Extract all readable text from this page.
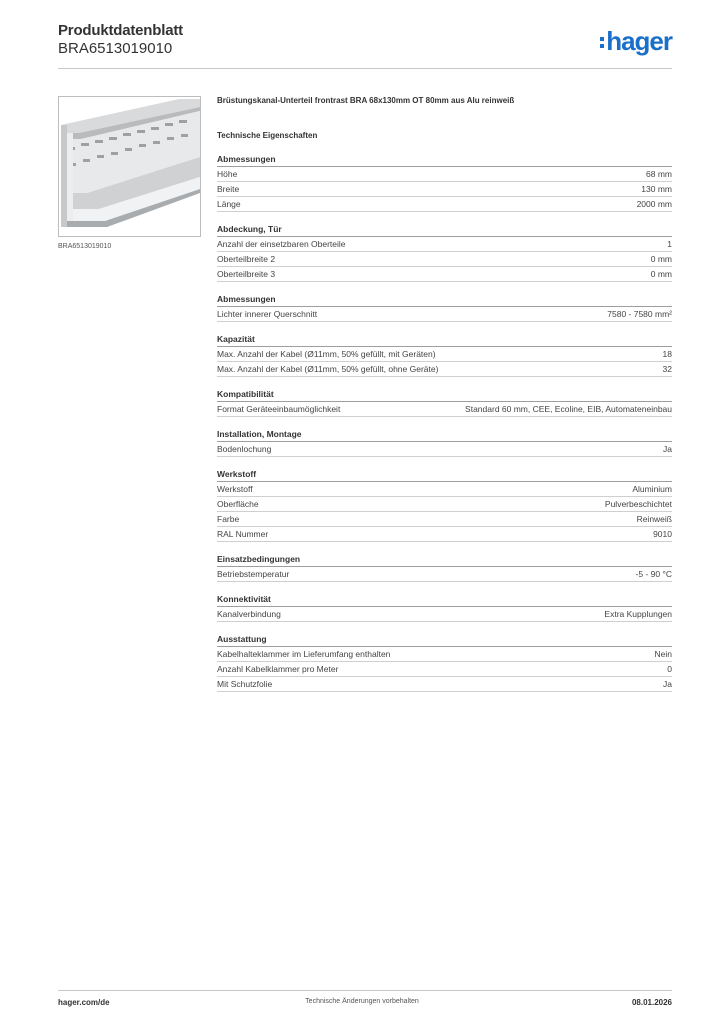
Produktdatenblatt
BRA6513019010	hager
BRA6513019010
Brüstungskanal-Unterteil frontrast BRA 68x130mm OT 80mm aus Alu reinweiß
Technische Eigenschaften
Abmessungen
Höhe	68 mm
Breite	130 mm
Länge	2000 mm
Abdeckung, Tür
Anzahl der einsetzbaren Oberteile	1
Oberteilbreite 2	0 mm
Oberteilbreite 3	0 mm
Abmessungen
Lichter innerer Querschnitt	7580 - 7580 mm²
Kapazität
Max. Anzahl der Kabel (Ø11mm, 50% gefüllt, mit Geräten)	18
Max. Anzahl der Kabel (Ø11mm, 50% gefüllt, ohne Geräte)	32
Kompatibilität
Format Geräteeinbaumöglichkeit	Standard 60 mm, CEE, Ecoline, EIB, Automateneinbau
Installation, Montage
Bodenlochung	Ja
Werkstoff
Werkstoff	Aluminium
Oberfläche	Pulverbeschichtet
Farbe	Reinweiß
RAL Nummer	9010
Einsatzbedingungen
Betriebstemperatur	-5 - 90 °C
Konnektivität
Kanalverbindung	Extra Kupplungen
Ausstattung
Kabelhalteklammer im Lieferumfang enthalten	Nein
Anzahl Kabelklammer pro Meter	0
Mit Schutzfolie	Ja
hager.com/de	Technische Änderungen vorbehalten	08.01.2026
